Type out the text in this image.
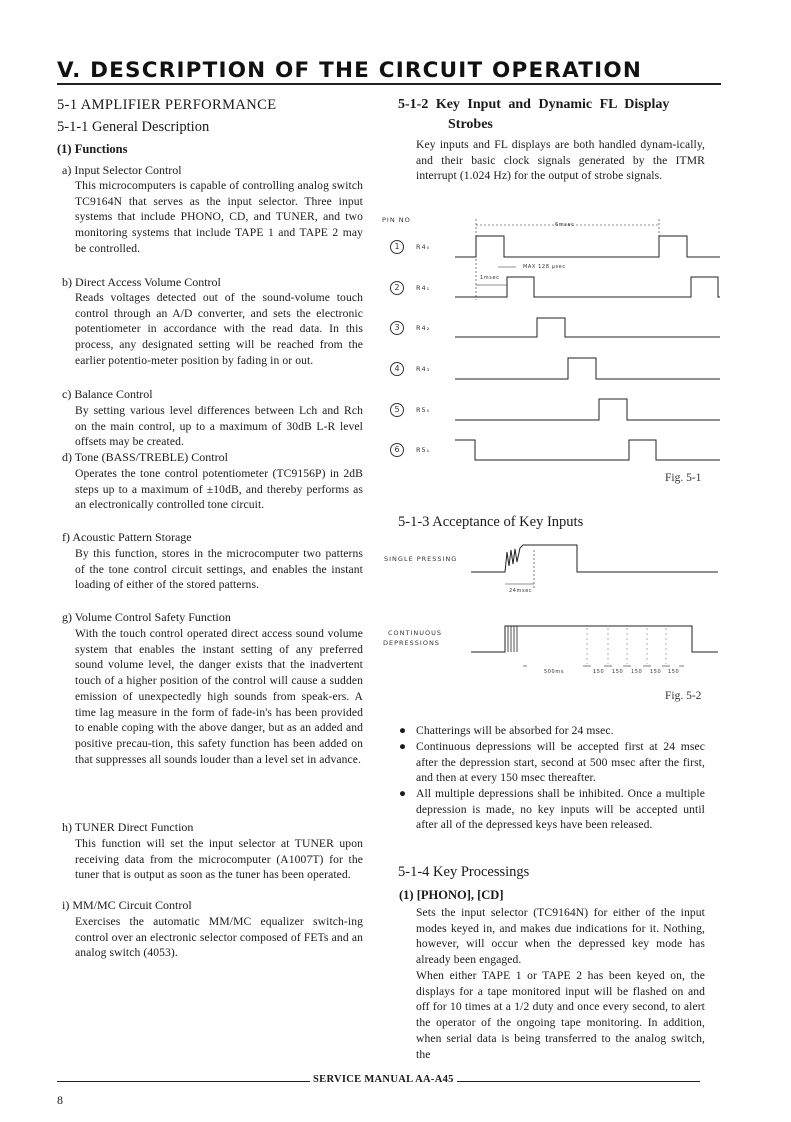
V. DESCRIPTION OF THE CIRCUIT OPERATION
5-1 AMPLIFIER PERFORMANCE
5-1-1 General Description
(1) Functions
a) Input Selector Control
This microcomputers is capable of controlling analog switch TC9164N that serves as the input selector. Three input systems that include PHONO, CD, and TUNER, and two monitoring systems that include TAPE 1 and TAPE 2 may be controlled.
b) Direct Access Volume Control
Reads voltages detected out of the sound-volume touch control through an A/D converter, and sets the electronic potentiometer in accordance with the read data. In this process, any designated setting will be reached from the earlier potentio-meter position by fading in or out.
c) Balance Control
By setting various level differences between Lch and Rch on the main control, up to a maximum of 30dB L-R level offsets may be created.
d) Tone (BASS/TREBLE) Control
Operates the tone control potentiometer (TC9156P) in 2dB steps up to a maximum of ±10dB, and thereby performs as an electronically controlled tone circuit.
f) Acoustic Pattern Storage
By this function, stores in the microcomputer two patterns of the tone control circuit settings, and enables the instant loading of either of the stored patterns.
g) Volume Control Safety Function
With the touch control operated direct access sound volume system that enables the instant setting of any preferred sound volume level, the danger exists that the inadvertent touch of a higher position of the control will cause a sudden emission of unexpectedly high sounds from speak-ers. A time lag measure in the form of fade-in's has been provided to enable coping with the above danger, but as an added and positive precau-tion, this safety function has been added on that suppresses all sounds louder than a level set in advance.
h) TUNER Direct Function
This function will set the input selector at TUNER upon receiving data from the microcomputer (A1007T) for the tuner that is output as soon as the tuner has been operated.
i) MM/MC Circuit Control
Exercises the automatic MM/MC equalizer switch-ing control over an electronic selector composed of FETs and an analog switch (4053).
5-1-2 Key Input and Dynamic FL Display
Strobes
Key inputs and FL displays are both handled dynam-ically, and their basic clock signals generated by the ITMR interrupt (1.024 Hz) for the output of strobe signals.
PIN NO
1	R4₀
2	R4₁
3	R4₂
4	R4₃
5	R5₀
6	R5₁
6msec
MAX 128 μsec
1msec
Fig. 5-1
5-1-3 Acceptance of Key Inputs
SINGLE PRESSING
24msec
CONTINUOUS
DEPRESSIONS
500ms	150 150 150 150 150
Fig. 5-2
● Chatterings will be absorbed for 24 msec.
● Continuous depressions will be accepted first at 24 msec after the depression start, second at 500 msec after the first, and then at every 150 msec thereafter.
● All multiple depressions shall be inhibited. Once a multiple depression is made, no key inputs will be accepted until after all of the depressed keys have been released.
5-1-4 Key Processings
(1) [PHONO], [CD]
Sets the input selector (TC9164N) for either of the input modes keyed in, and makes due indications for it. Nothing, however, will occur when the depressed key mode has already been engaged.
When either TAPE 1 or TAPE 2 has been keyed on, the displays for a tape monitored input will be flashed on and off for 10 times at a 1/2 duty and once every second, to alert the operator of the ongoing tape monitoring. In addition, when serial data is being transferred to the analog switch, the
SERVICE MANUAL AA-A45
8
